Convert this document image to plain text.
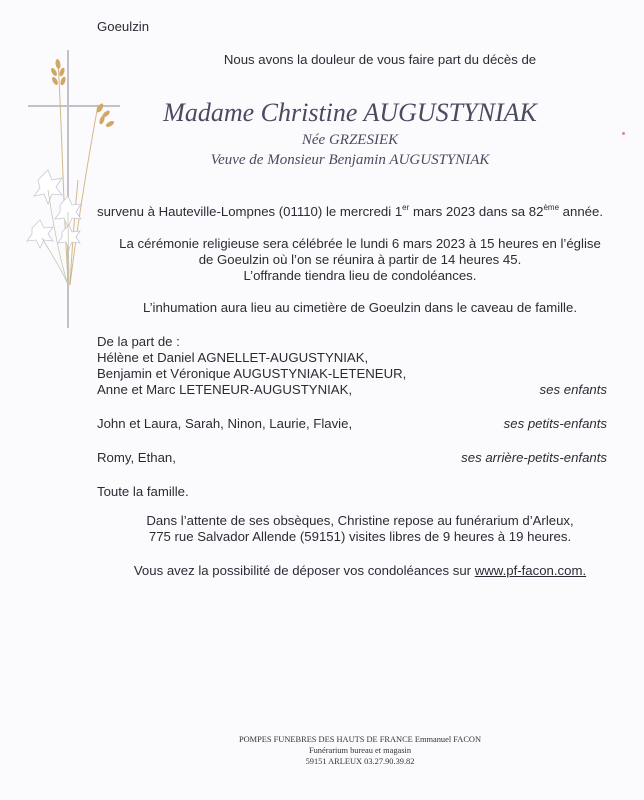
Goeulzin
Nous avons la douleur de vous faire part du décès de
Madame Christine AUGUSTYNIAK
Née GRZESIEK
Veuve de Monsieur Benjamin AUGUSTYNIAK
survenu à Hauteville-Lompnes (01110) le mercredi 1er mars 2023 dans sa 82ème année.
La cérémonie religieuse sera célébrée le lundi 6 mars 2023 à 15 heures en l’église
de Goeulzin où l’on se réunira à partir de 14 heures 45.
L’offrande tiendra lieu de condoléances.
L’inhumation aura lieu au cimetière de Goeulzin dans le caveau de famille.
De la part de :
Hélène et Daniel AGNELLET-AUGUSTYNIAK,
Benjamin et Véronique AUGUSTYNIAK-LETENEUR,
Anne et Marc LETENEUR-AUGUSTYNIAK,	ses enfants
John et Laura, Sarah, Ninon, Laurie, Flavie,	ses petits-enfants
Romy, Ethan,	ses arrière-petits-enfants
Toute la famille.
Dans l’attente de ses obsèques, Christine repose au funérarium d’Arleux,
775 rue Salvador Allende (59151) visites libres de 9 heures à 19 heures.
Vous avez la possibilité de déposer vos condoléances sur www.pf-facon.com.
POMPES FUNEBRES DES HAUTS DE FRANCE Emmanuel FACON
Funérarium bureau et magasin
59151 ARLEUX 03.27.90.39.82
